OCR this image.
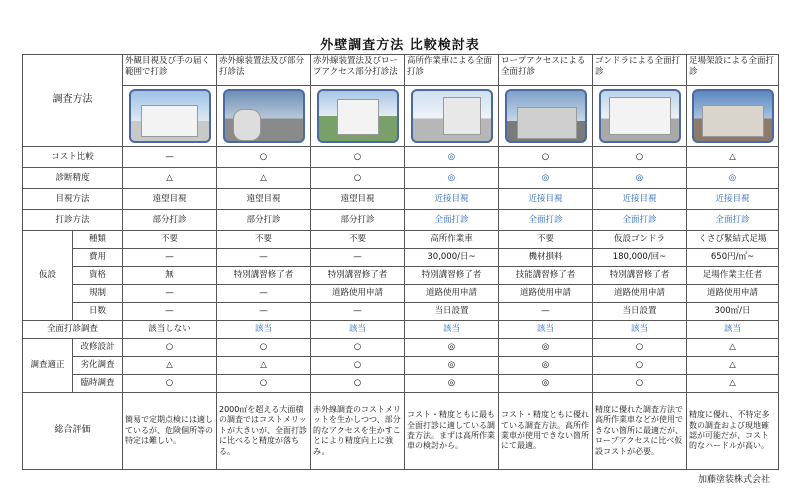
外壁調査方法 比較検討表
調査方法		外観目視及び手の届く範囲で打診	赤外線装置法及び部分打診法	赤外線装置法及びロープアクセス部分打診法	高所作業車による全面打診	ロープアクセスによる全面打診	ゴンドラによる全面打診	足場架設による全面打診

コスト比較		—	○	○	◎	○	○	△
診断精度		△	△	○	◎	◎	◎	◎
目視方法		遠望目視	遠望目視	遠望目視	近接目視	近接目視	近接目視	近接目視
打診方法		部分打診	部分打診	部分打診	全面打診	全面打診	全面打診	全面打診
仮設	種類	不要	不要	不要	高所作業車	不要	仮設ゴンドラ	くさび緊結式足場
	費用	—	—	—	30,000/日~	機材損料	180,000/回~	650円/㎡~
	資格	無	特別講習修了者	特別講習修了者	特別講習修了者	技能講習修了者	特別講習修了者	足場作業主任者
	規制	—	—	道路使用申請	道路使用申請	道路使用申請	道路使用申請	道路使用申請
	日数	—	—	—	当日設置	—	当日設置	300㎡/日
全面打診調査		該当しない	該当	該当	該当	該当	該当	該当
調査適正	改修設計	○	○	○	◎	◎	○	△
	劣化調査	△	△	○	◎	◎	○	△
	臨時調査	○	○	○	◎	◎	○	△
総合評価		簡易で定期点検には適しているが、危険個所等の特定は難しい。	2000㎡を超える大面積の調査ではコストメリットが大きいが、全面打診に比べると精度が落ちる。	赤外線調査のコストメリットを生かしつつ、部分的なアクセスを生かすことにより精度向上に強み。	コスト・精度ともに最も全面打診に適している調査方法。まずは高所作業車の検討から。	コスト・精度ともに優れている調査方法。高所作業車が使用できない箇所にて最適。	精度に優れた調査方法で高所作業車などが使用できない箇所に最適だが、ロープアクセスに比べ仮設コストが必要。	精度に優れ、不特定多数の調査および現地確認が可能だが、コスト的なハードルが高い。
加藤塗装株式会社
